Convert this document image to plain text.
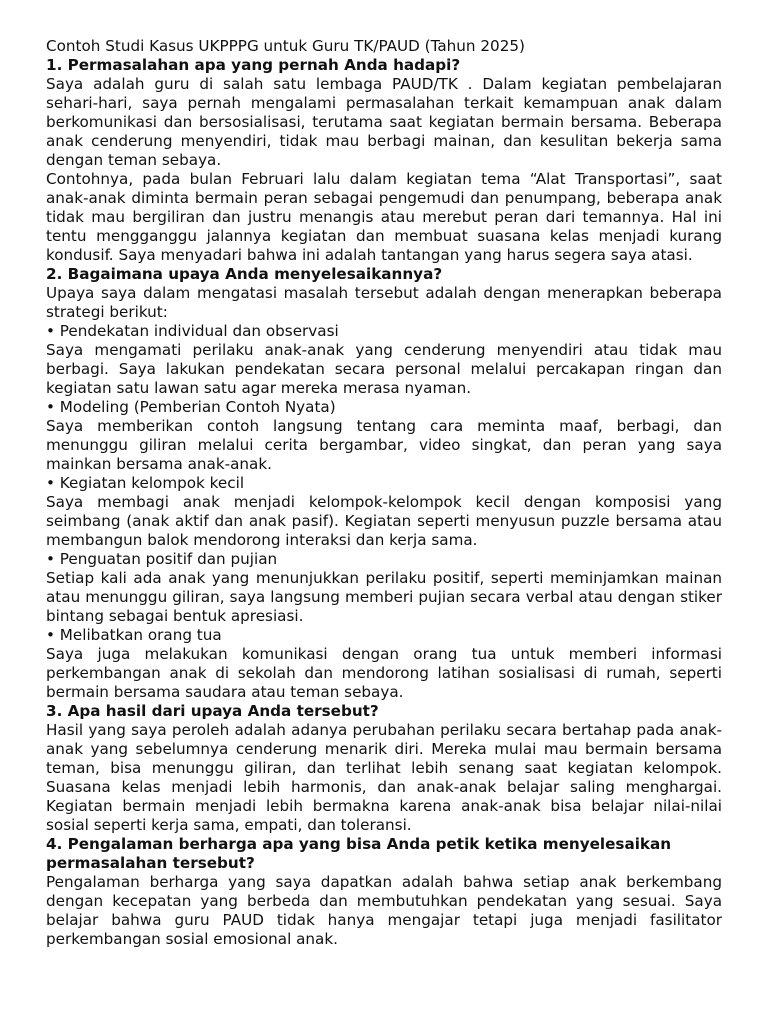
Contoh Studi Kasus UKPPPG untuk Guru TK/PAUD (Tahun 2025)
1. Permasalahan apa yang pernah Anda hadapi?
Saya adalah guru di salah satu lembaga PAUD/TK . Dalam kegiatan pembelajaran sehari-hari, saya pernah mengalami permasalahan terkait kemampuan anak dalam berkomunikasi dan bersosialisasi, terutama saat kegiatan bermain bersama. Beberapa anak cenderung menyendiri, tidak mau berbagi mainan, dan kesulitan bekerja sama dengan teman sebaya.
Contohnya, pada bulan Februari lalu dalam kegiatan tema “Alat Transportasi”, saat anak-anak diminta bermain peran sebagai pengemudi dan penumpang, beberapa anak tidak mau bergiliran dan justru menangis atau merebut peran dari temannya. Hal ini tentu mengganggu jalannya kegiatan dan membuat suasana kelas menjadi kurang kondusif. Saya menyadari bahwa ini adalah tantangan yang harus segera saya atasi.
2. Bagaimana upaya Anda menyelesaikannya?
Upaya saya dalam mengatasi masalah tersebut adalah dengan menerapkan beberapa strategi berikut:
• Pendekatan individual dan observasi
Saya mengamati perilaku anak-anak yang cenderung menyendiri atau tidak mau berbagi. Saya lakukan pendekatan secara personal melalui percakapan ringan dan kegiatan satu lawan satu agar mereka merasa nyaman.
• Modeling (Pemberian Contoh Nyata)
Saya memberikan contoh langsung tentang cara meminta maaf, berbagi, dan menunggu giliran melalui cerita bergambar, video singkat, dan peran yang saya mainkan bersama anak-anak.
• Kegiatan kelompok kecil
Saya membagi anak menjadi kelompok-kelompok kecil dengan komposisi yang seimbang (anak aktif dan anak pasif). Kegiatan seperti menyusun puzzle bersama atau membangun balok mendorong interaksi dan kerja sama.
• Penguatan positif dan pujian
Setiap kali ada anak yang menunjukkan perilaku positif, seperti meminjamkan mainan atau menunggu giliran, saya langsung memberi pujian secara verbal atau dengan stiker bintang sebagai bentuk apresiasi.
• Melibatkan orang tua
Saya juga melakukan komunikasi dengan orang tua untuk memberi informasi perkembangan anak di sekolah dan mendorong latihan sosialisasi di rumah, seperti bermain bersama saudara atau teman sebaya.
3. Apa hasil dari upaya Anda tersebut?
Hasil yang saya peroleh adalah adanya perubahan perilaku secara bertahap pada anak-anak yang sebelumnya cenderung menarik diri. Mereka mulai mau bermain bersama teman, bisa menunggu giliran, dan terlihat lebih senang saat kegiatan kelompok. Suasana kelas menjadi lebih harmonis, dan anak-anak belajar saling menghargai. Kegiatan bermain menjadi lebih bermakna karena anak-anak bisa belajar nilai-nilai sosial seperti kerja sama, empati, dan toleransi.
4. Pengalaman berharga apa yang bisa Anda petik ketika menyelesaikan permasalahan tersebut?
Pengalaman berharga yang saya dapatkan adalah bahwa setiap anak berkembang dengan kecepatan yang berbeda dan membutuhkan pendekatan yang sesuai. Saya belajar bahwa guru PAUD tidak hanya mengajar tetapi juga menjadi fasilitator perkembangan sosial emosional anak.
